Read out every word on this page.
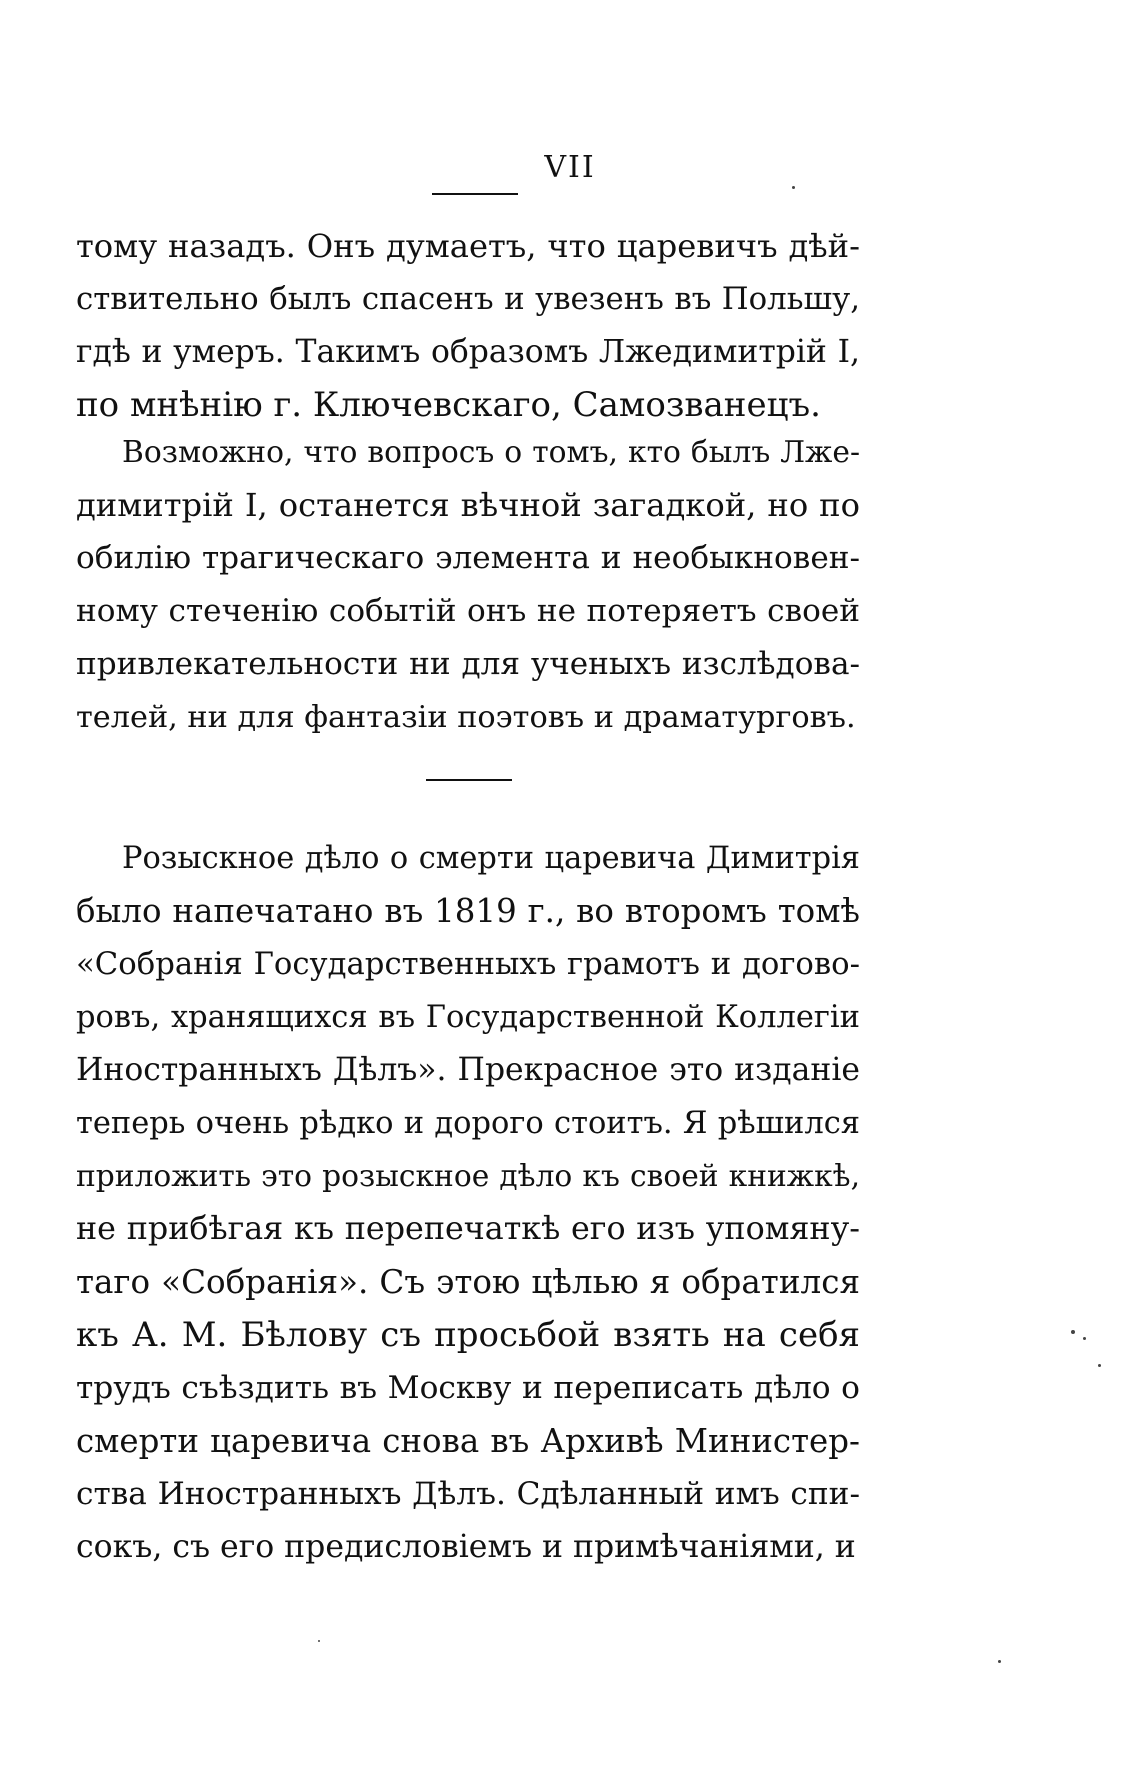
VII
тому назадъ. Онъ думаетъ, что царевичъ дѣй-
ствительно былъ спасенъ и увезенъ въ Польшу,
гдѣ и умеръ. Такимъ образомъ Лжедимитрій I,
по мнѣнію г. Ключевскаго, Самозванецъ.
Возможно, что вопросъ о томъ, кто былъ Лже-
димитрій I, останется вѣчной загадкой, но по
обилію трагическаго элемента и необыкновен-
ному стеченію событій онъ не потеряетъ своей
привлекательности ни для ученыхъ изслѣдова-
телей, ни для фантазіи поэтовъ и драматурговъ.
Розыскное дѣло о смерти царевича Димитрія
было напечатано въ 1819 г., во второмъ томѣ
«Собранія Государственныхъ грамотъ и догово-
ровъ, хранящихся въ Государственной Коллегіи
Иностранныхъ Дѣлъ». Прекрасное это изданіе
теперь очень рѣдко и дорого стоитъ. Я рѣшился
приложить это розыскное дѣло къ своей книжкѣ,
не прибѣгая къ перепечаткѣ его изъ упомяну-
таго «Собранія». Съ этою цѣлью я обратился
къ А. М. Бѣлову съ просьбой взять на себя
трудъ съѣздить въ Москву и переписать дѣло о
смерти царевича снова въ Архивѣ Министер-
ства Иностранныхъ Дѣлъ. Сдѣланный имъ спи-
сокъ, съ его предисловіемъ и примѣчаніями, и
